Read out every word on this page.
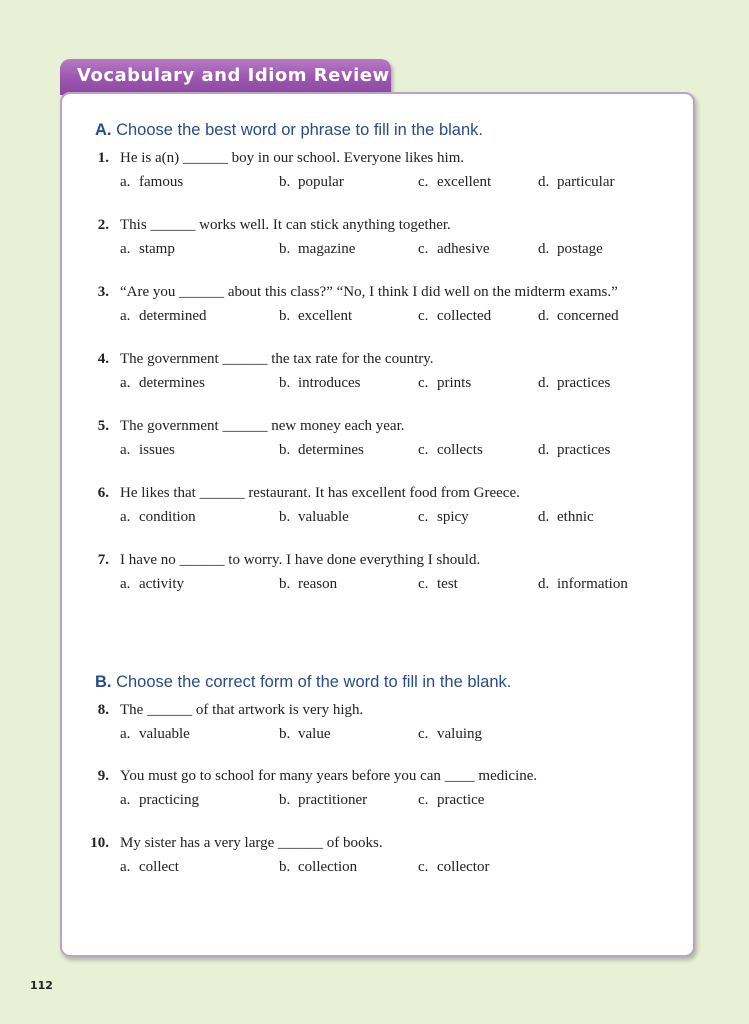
Vocabulary and Idiom Review
A. Choose the best word or phrase to fill in the blank.
1. He is a(n) ______ boy in our school. Everyone likes him.
a. famous	b. popular	c. excellent	d. particular
2. This ______ works well. It can stick anything together.
a. stamp	b. magazine	c. adhesive	d. postage
3. “Are you ______ about this class?” “No, I think I did well on the midterm exams.”
a. determined	b. excellent	c. collected	d. concerned
4. The government ______ the tax rate for the country.
a. determines	b. introduces	c. prints	d. practices
5. The government ______ new money each year.
a. issues	b. determines	c. collects	d. practices
6. He likes that ______ restaurant. It has excellent food from Greece.
a. condition	b. valuable	c. spicy	d. ethnic
7. I have no ______ to worry. I have done everything I should.
a. activity	b. reason	c. test	d. information
B. Choose the correct form of the word to fill in the blank.
8. The ______ of that artwork is very high.
a. valuable	b. value	c. valuing
9. You must go to school for many years before you can ____ medicine.
a. practicing	b. practitioner	c. practice
10. My sister has a very large ______ of books.
a. collect	b. collection	c. collector
112
